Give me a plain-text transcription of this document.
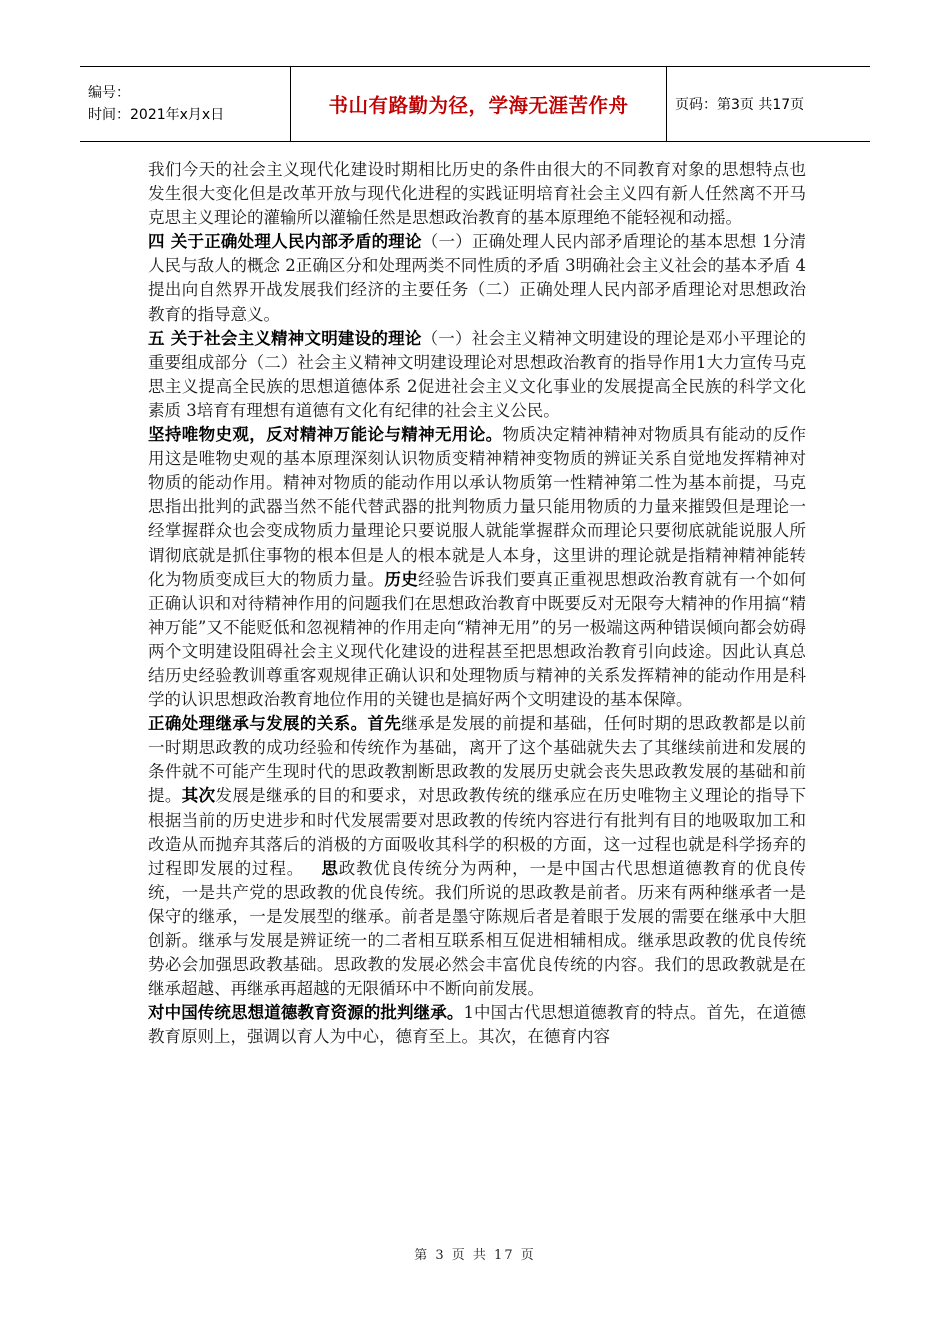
编号：
时间：2021年x月x日	书山有路勤为径，学海无涯苦作舟	页码：第3页 共17页

我们今天的社会主义现代化建设时期相比历史的条件由很大的不同教育对象的思想特点也发生很大变化但是改革开放与现代化进程的实践证明培育社会主义四有新人任然离不开马克思主义理论的灌输所以灌输任然是思想政治教育的基本原理绝不能轻视和动摇。

四 关于正确处理人民内部矛盾的理论（一）正确处理人民内部矛盾理论的基本思想 1分清人民与敌人的概念 2正确区分和处理两类不同性质的矛盾 3明确社会主义社会的基本矛盾 4提出向自然界开战发展我们经济的主要任务（二）正确处理人民内部矛盾理论对思想政治教育的指导意义。

五 关于社会主义精神文明建设的理论（一）社会主义精神文明建设的理论是邓小平理论的重要组成部分（二）社会主义精神文明建设理论对思想政治教育的指导作用1大力宣传马克思主义提高全民族的思想道德体系 2促进社会主义文化事业的发展提高全民族的科学文化素质 3培育有理想有道德有文化有纪律的社会主义公民。

坚持唯物史观，反对精神万能论与精神无用论。物质决定精神精神对物质具有能动的反作用这是唯物史观的基本原理深刻认识物质变精神精神变物质的辨证关系自觉地发挥精神对物质的能动作用。精神对物质的能动作用以承认物质第一性精神第二性为基本前提，马克思指出批判的武器当然不能代替武器的批判物质力量只能用物质的力量来摧毁但是理论一经掌握群众也会变成物质力量理论只要说服人就能掌握群众而理论只要彻底就能说服人所谓彻底就是抓住事物的根本但是人的根本就是人本身，这里讲的理论就是指精神精神能转化为物质变成巨大的物质力量。历史经验告诉我们要真正重视思想政治教育就有一个如何正确认识和对待精神作用的问题我们在思想政治教育中既要反对无限夸大精神的作用搞“精神万能”又不能贬低和忽视精神的作用走向“精神无用”的另一极端这两种错误倾向都会妨碍两个文明建设阻碍社会主义现代化建设的进程甚至把思想政治教育引向歧途。因此认真总结历史经验教训尊重客观规律正确认识和处理物质与精神的关系发挥精神的能动作用是科学的认识思想政治教育地位作用的关键也是搞好两个文明建设的基本保障。

正确处理继承与发展的关系。首先继承是发展的前提和基础，任何时期的思政教都是以前一时期思政教的成功经验和传统作为基础，离开了这个基础就失去了其继续前进和发展的条件就不可能产生现时代的思政教割断思政教的发展历史就会丧失思政教发展的基础和前提。其次发展是继承的目的和要求，对思政教传统的继承应在历史唯物主义理论的指导下根据当前的历史进步和时代发展需要对思政教的传统内容进行有批判有目的地吸取加工和改造从而抛弃其落后的消极的方面吸收其科学的积极的方面，这一过程也就是科学扬弃的过程即发展的过程。  思政教优良传统分为两种，一是中国古代思想道德教育的优良传统，一是共产党的思政教的优良传统。我们所说的思政教是前者。历来有两种继承者一是保守的继承，一是发展型的继承。前者是墨守陈规后者是着眼于发展的需要在继承中大胆创新。继承与发展是辨证统一的二者相互联系相互促进相辅相成。继承思政教的优良传统势必会加强思政教基础。思政教的发展必然会丰富优良传统的内容。我们的思政教就是在继承超越、再继承再超越的无限循环中不断向前发展。

对中国传统思想道德教育资源的批判继承。1中国古代思想道德教育的特点。首先，在道德教育原则上，强调以育人为中心，德育至上。其次，在德育内容

第 3 页 共 17 页
